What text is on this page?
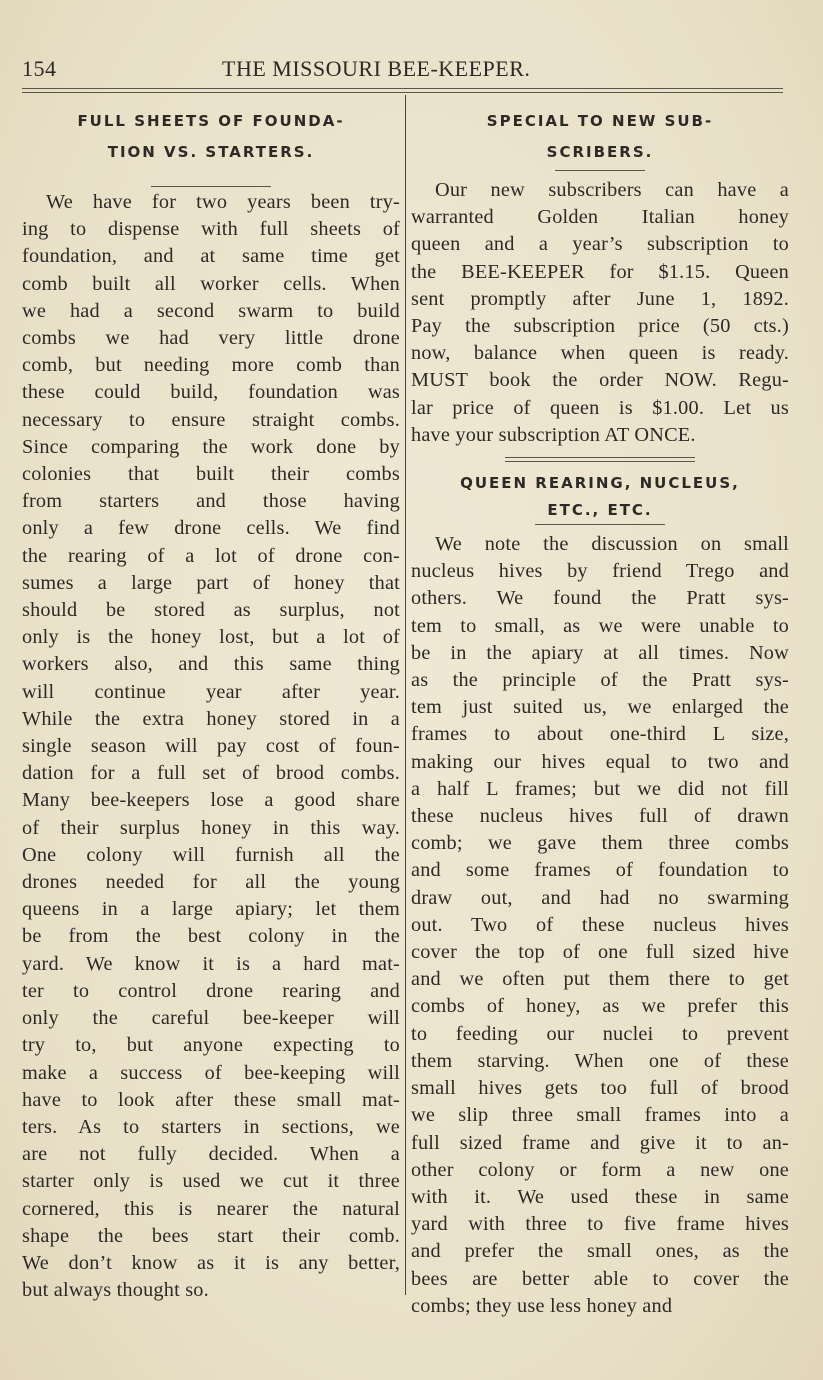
154	THE MISSOURI BEE-KEEPER.

FULL SHEETS OF FOUNDA-

TION VS. STARTERS.

We have for two years been try-
ing to dispense with full sheets of
foundation, and at same time get
comb built all worker cells. When
we had a second swarm to build
combs we had very little drone
comb, but needing more comb than
these could build, foundation was
necessary to ensure straight combs.
Since comparing the work done by
colonies that built their combs
from starters and those having
only a few drone cells. We find
the rearing of a lot of drone con-
sumes a large part of honey that
should be stored as surplus, not
only is the honey lost, but a lot of
workers also, and this same thing
will continue year after year.
While the extra honey stored in a
single season will pay cost of foun-
dation for a full set of brood combs.
Many bee-keepers lose a good share
of their surplus honey in this way.
One colony will furnish all the
drones needed for all the young
queens in a large apiary; let them
be from the best colony in the
yard. We know it is a hard mat-
ter to control drone rearing and
only the careful bee-keeper will
try to, but anyone expecting to
make a success of bee-keeping will
have to look after these small mat-
ters. As to starters in sections, we
are not fully decided. When a
starter only is used we cut it three
cornered, this is nearer the natural
shape the bees start their comb.
We don’t know as it is any better,
but always thought so.

SPECIAL TO NEW SUB-

SCRIBERS.

Our new subscribers can have a
warranted Golden Italian honey
queen and a year’s subscription to
the BEE-KEEPER for $1.15. Queen
sent promptly after June 1, 1892.
Pay the subscription price (50 cts.)
now, balance when queen is ready.
MUST book the order NOW. Regu-
lar price of queen is $1.00. Let us
have your subscription AT ONCE.

QUEEN REARING, NUCLEUS,

ETC., ETC.

We note the discussion on small
nucleus hives by friend Trego and
others. We found the Pratt sys-
tem to small, as we were unable to
be in the apiary at all times. Now
as the principle of the Pratt sys-
tem just suited us, we enlarged the
frames to about one-third L size,
making our hives equal to two and
a half L frames; but we did not fill
these nucleus hives full of drawn
comb; we gave them three combs
and some frames of foundation to
draw out, and had no swarming
out. Two of these nucleus hives
cover the top of one full sized hive
and we often put them there to get
combs of honey, as we prefer this
to feeding our nuclei to prevent
them starving. When one of these
small hives gets too full of brood
we slip three small frames into a
full sized frame and give it to an-
other colony or form a new one
with it. We used these in same
yard with three to five frame hives
and prefer the small ones, as the
bees are better able to cover the
combs; they use less honey and
